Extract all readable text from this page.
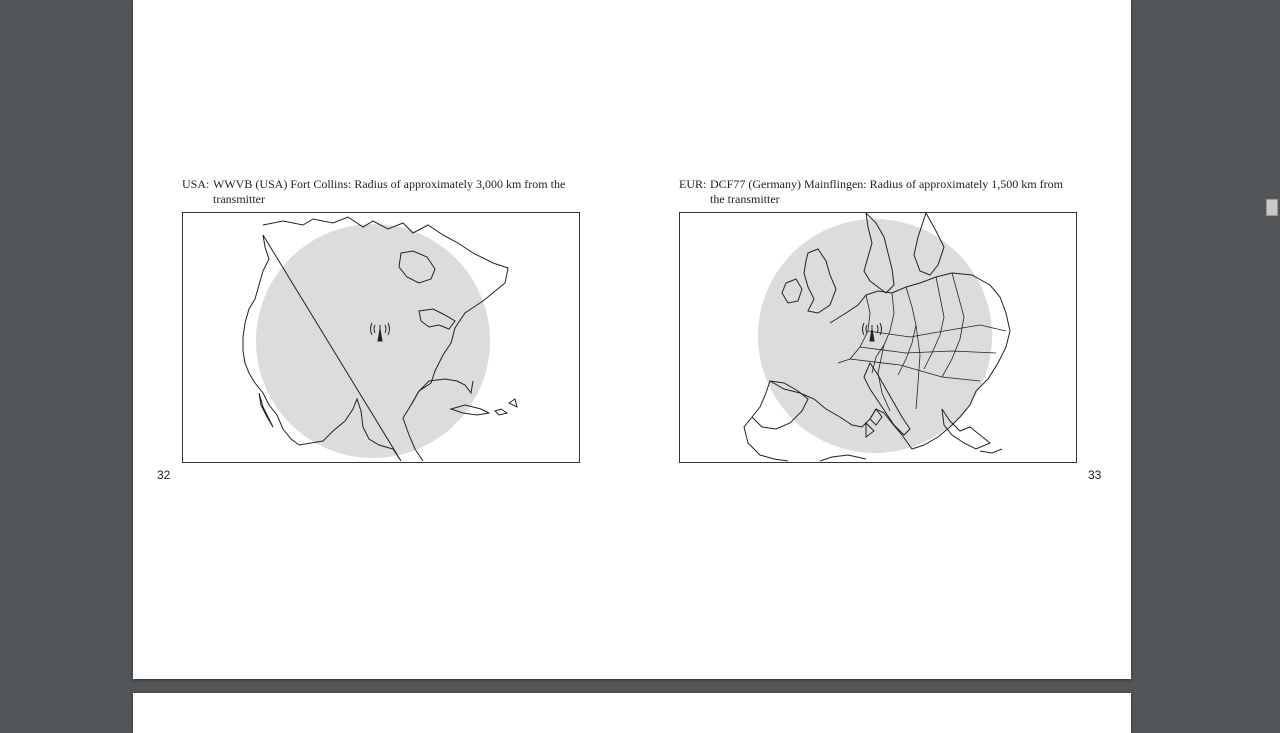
USA: WWVB (USA) Fort Collins: Radius of approximately 3,000 km from the transmitter
32
EUR: DCF77 (Germany) Mainflingen: Radius of approximately 1,500 km from the transmitter
33
